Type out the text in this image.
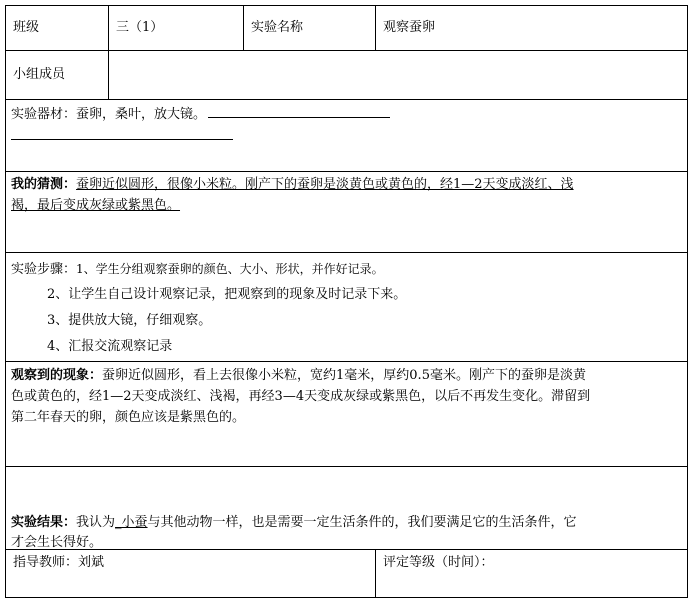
班级	三（1）	实验名称	观察蚕卵
小组成员
实验器材：蚕卵，桑叶，放大镜。
我的猜测：蚕卵近似圆形，很像小米粒。刚产下的蚕卵是淡黄色或黄色的，经1—2天变成淡红、浅
褐，最后变成灰绿或紫黑色。
实验步骤：1、学生分组观察蚕卵的颜色、大小、形状，并作好记录。
2、让学生自己设计观察记录，把观察到的现象及时记录下来。
3、提供放大镜，仔细观察。
4、汇报交流观察记录
观察到的现象：蚕卵近似圆形，看上去很像小米粒，宽约1毫米，厚约0.5毫米。刚产下的蚕卵是淡黄
色或黄色的，经1—2天变成淡红、浅褐，再经3—4天变成灰绿或紫黑色，以后不再发生变化。滞留到
第二年春天的卵，颜色应该是紫黑色的。
实验结果：我认为_小蚕与其他动物一样，也是需要一定生活条件的，我们要满足它的生活条件，它
才会生长得好。
指导教师：刘斌	评定等级（时间）：
